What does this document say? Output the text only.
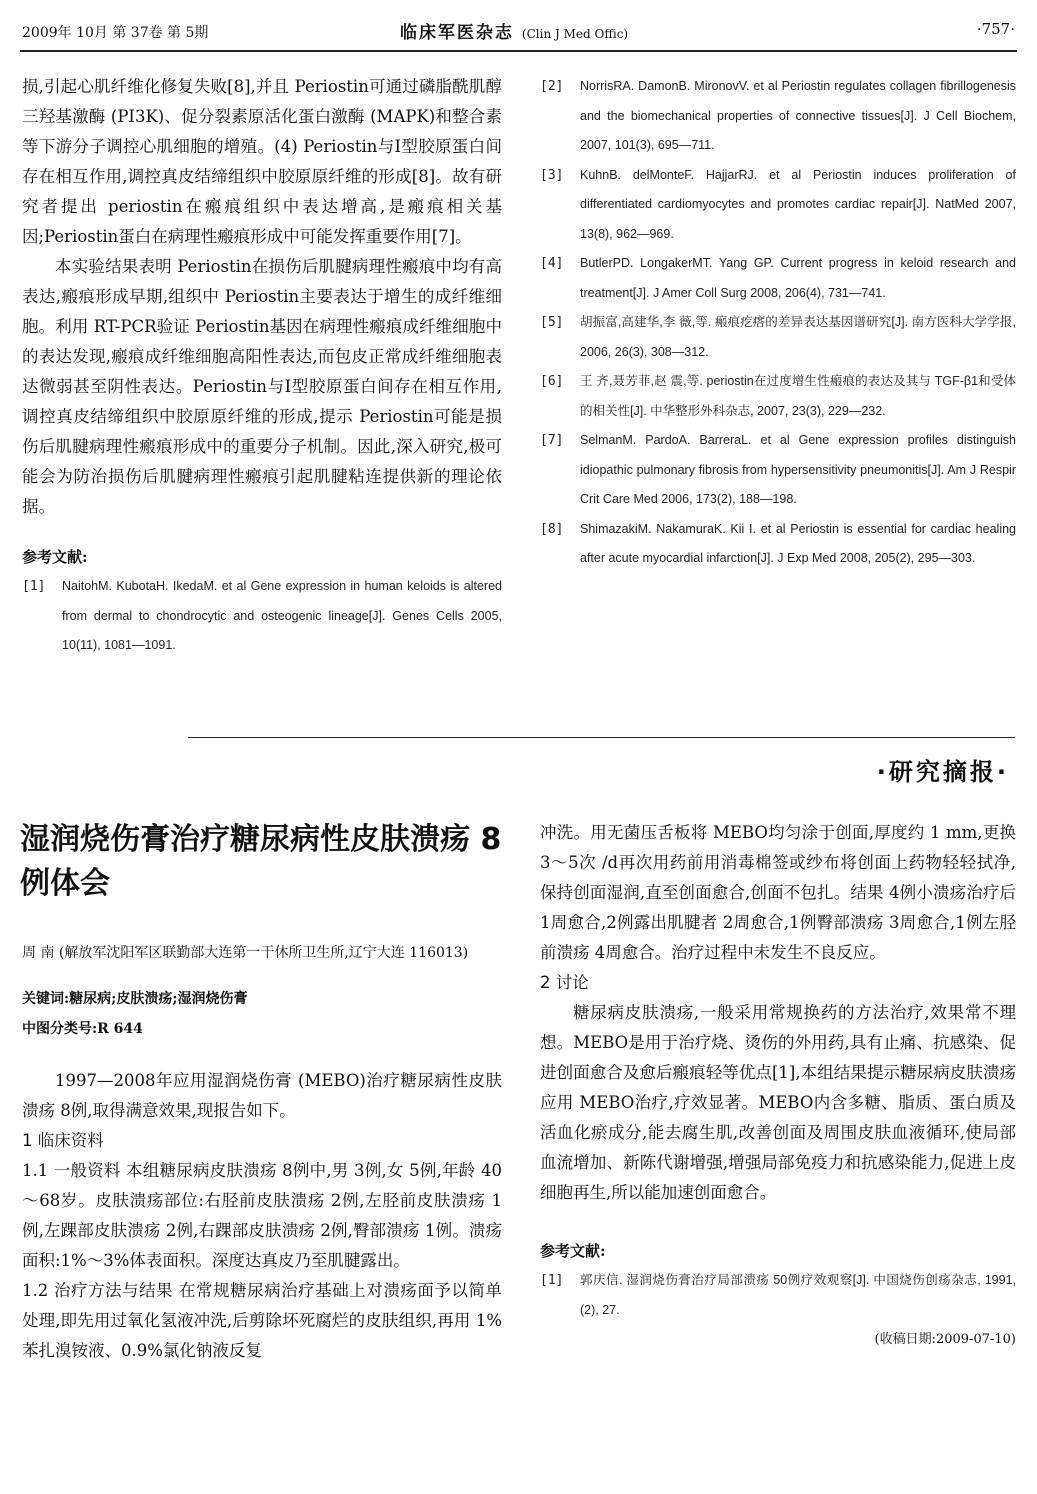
2009年 10月 第 37卷 第 5期	临床军医杂志 (Clin J Med Offic)	·757·

损,引起心肌纤维化修复失败[8],并且 Periostin可通过磷脂酰肌醇三羟基激酶 (PI3K)、促分裂素原活化蛋白激酶 (MAPK)和整合素等下游分子调控心肌细胞的增殖。(4) Periostin与Ⅰ型胶原蛋白间存在相互作用,调控真皮结缔组织中胶原原纤维的形成[8]。故有研究者提出 periostin在瘢痕组织中表达增高,是瘢痕相关基因;Periostin蛋白在病理性瘢痕形成中可能发挥重要作用[7]。

本实验结果表明 Periostin在损伤后肌腱病理性瘢痕中均有高表达,瘢痕形成早期,组织中 Periostin主要表达于增生的成纤维细胞。利用 RT-PCR验证 Periostin基因在病理性瘢痕成纤维细胞中的表达发现,瘢痕成纤维细胞高阳性表达,而包皮正常成纤维细胞表达微弱甚至阴性表达。Periostin与Ⅰ型胶原蛋白间存在相互作用,调控真皮结缔组织中胶原原纤维的形成,提示 Periostin可能是损伤后肌腱病理性瘢痕形成中的重要分子机制。因此,深入研究,极可能会为防治损伤后肌腱病理性瘢痕引起肌腱粘连提供新的理论依据。

参考文献:
[1]	NaitohM. KubotaH. IkedaM. et al Gene expression in human keloids is altered from dermal to chondrocytic and osteogenic lineage[J]. Genes Cells 2005, 10(11), 1081—1091.
[2]	NorrisRA. DamonB. MironovV. et al Periostin regulates collagen fibrillogenesis and the biomechanical properties of connective tissues[J]. J Cell Biochem, 2007, 101(3), 695—711.
[3]	KuhnB. delMonteF. HajjarRJ. et al Periostin induces proliferation of differentiated cardiomyocytes and promotes cardiac repair[J]. NatMed 2007, 13(8), 962—969.
[4]	ButlerPD. LongakerMT. Yang GP. Current progress in keloid research and treatment[J]. J Amer Coll Surg 2008, 206(4), 731—741.
[5]	胡振富,高建华,李 薇,等. 瘢痕疙瘩的差异表达基因谱研究[J]. 南方医科大学学报, 2006, 26(3), 308—312.
[6]	王 齐,聂芳菲,赵 震,等. periostin在过度增生性瘢痕的表达及其与 TGF-β1和受体的相关性[J]. 中华整形外科杂志, 2007, 23(3), 229—232.
[7]	SelmanM. PardoA. BarreraL. et al Gene expression profiles distinguish idiopathic pulmonary fibrosis from hypersensitivity pneumonitis[J]. Am J Respir Crit Care Med 2006, 173(2), 188—198.
[8]	ShimazakiM. NakamuraK. Kii I. et al Periostin is essential for cardiac healing after acute myocardial infarction[J]. J Exp Med 2008, 205(2), 295—303.
·研究摘报·
湿润烧伤膏治疗糖尿病性皮肤溃疡 8例体会
周 南 (解放军沈阳军区联勤部大连第一干休所卫生所,辽宁大连 116013)
关键词:糖尿病;皮肤溃疡;湿润烧伤膏
中图分类号:R 644

1997—2008年应用湿润烧伤膏 (MEBO)治疗糖尿病性皮肤溃疡 8例,取得满意效果,现报告如下。

1 临床资料

1.1 一般资料 本组糖尿病皮肤溃疡 8例中,男 3例,女 5例,年龄 40～68岁。皮肤溃疡部位:右胫前皮肤溃疡 2例,左胫前皮肤溃疡 1例,左踝部皮肤溃疡 2例,右踝部皮肤溃疡 2例,臀部溃疡 1例。溃疡面积:1%～3%体表面积。深度达真皮乃至肌腱露出。

1.2 治疗方法与结果 在常规糖尿病治疗基础上对溃疡面予以简单处理,即先用过氧化氢液冲洗,后剪除坏死腐烂的皮肤组织,再用 1%苯扎溴铵液、0.9%氯化钠液反复

冲洗。用无菌压舌板将 MEBO均匀涂于创面,厚度约 1 mm,更换 3～5次 /d再次用药前用消毒棉签或纱布将创面上药物轻轻拭净,保持创面湿润,直至创面愈合,创面不包扎。结果 4例小溃疡治疗后 1周愈合,2例露出肌腱者 2周愈合,1例臀部溃疡 3周愈合,1例左胫前溃疡 4周愈合。治疗过程中未发生不良反应。

2 讨论

糖尿病皮肤溃疡,一般采用常规换药的方法治疗,效果常不理想。MEBO是用于治疗烧、烫伤的外用药,具有止痛、抗感染、促进创面愈合及愈后瘢痕轻等优点[1],本组结果提示糖尿病皮肤溃疡应用 MEBO治疗,疗效显著。MEBO内含多糖、脂质、蛋白质及活血化瘀成分,能去腐生肌,改善创面及周围皮肤血液循环,使局部血流增加、新陈代谢增强,增强局部免疫力和抗感染能力,促进上皮细胞再生,所以能加速创面愈合。

参考文献:
[1]	郭庆信. 湿润烧伤膏治疗局部溃疡 50例疗效观察[J]. 中国烧伤创疡杂志, 1991, (2), 27.
(收稿日期:2009-07-10)
